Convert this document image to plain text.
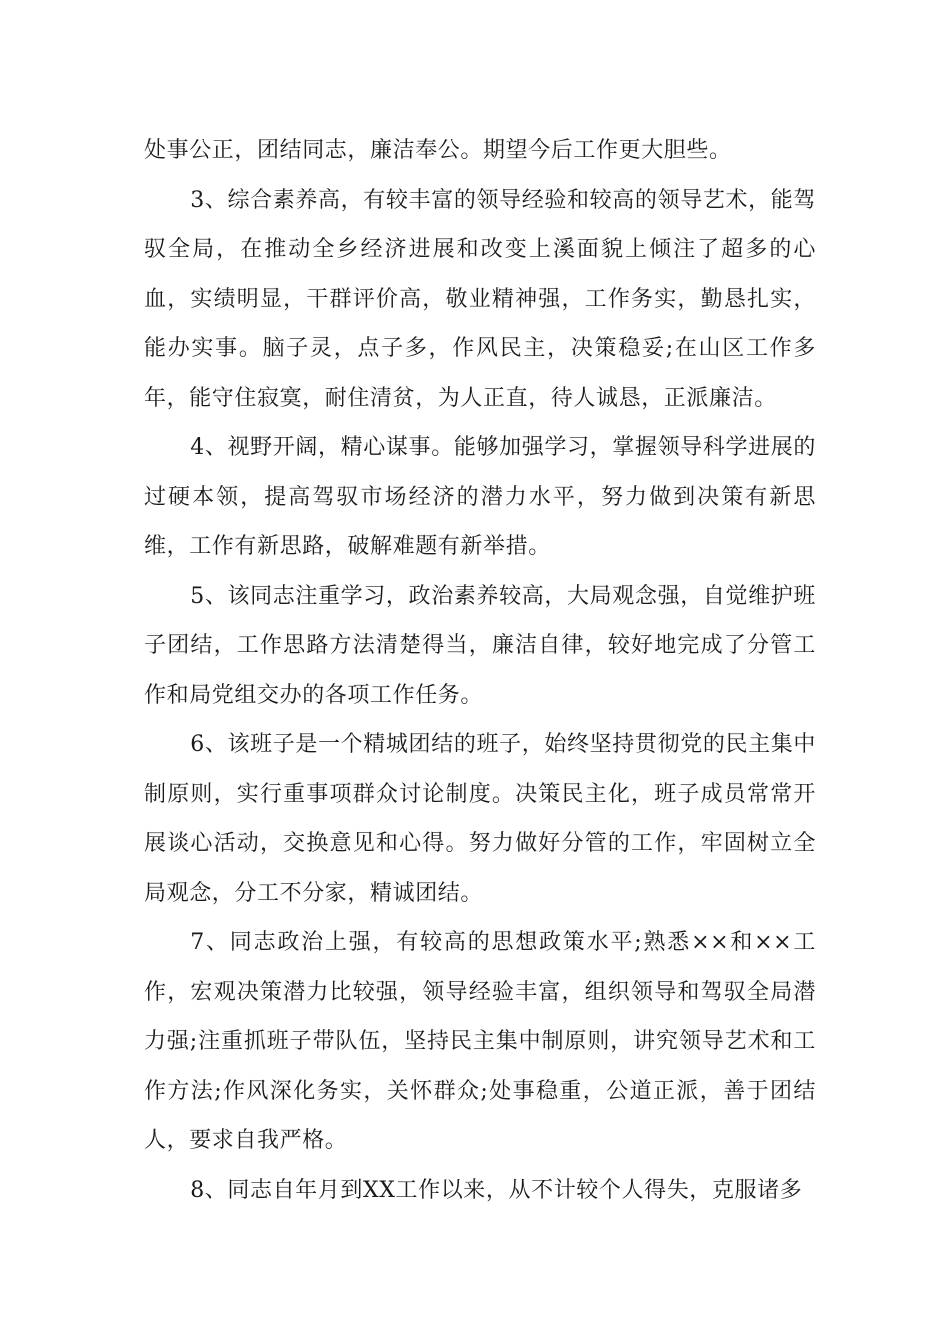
处事公正，团结同志，廉洁奉公。期望今后工作更大胆些。

3、综合素养高，有较丰富的领导经验和较高的领导艺术，能驾驭全局，在推动全乡经济进展和改变上溪面貌上倾注了超多的心血，实绩明显，干群评价高，敬业精神强，工作务实，勤恳扎实，能办实事。脑子灵，点子多，作风民主，决策稳妥;在山区工作多年，能守住寂寞，耐住清贫，为人正直，待人诚恳，正派廉洁。

4、视野开阔，精心谋事。能够加强学习，掌握领导科学进展的过硬本领，提高驾驭市场经济的潜力水平，努力做到决策有新思维，工作有新思路，破解难题有新举措。

5、该同志注重学习，政治素养较高，大局观念强，自觉维护班子团结，工作思路方法清楚得当，廉洁自律，较好地完成了分管工作和局党组交办的各项工作任务。

6、该班子是一个精城团结的班子，始终坚持贯彻党的民主集中制原则，实行重事项群众讨论制度。决策民主化，班子成员常常开展谈心活动，交换意见和心得。努力做好分管的工作，牢固树立全局观念，分工不分家，精诚团结。

7、同志政治上强，有较高的思想政策水平;熟悉××和××工作，宏观决策潜力比较强，领导经验丰富，组织领导和驾驭全局潜力强;注重抓班子带队伍，坚持民主集中制原则，讲究领导艺术和工作方法;作风深化务实，关怀群众;处事稳重，公道正派，善于团结人，要求自我严格。

8、同志自年月到XX工作以来，从不计较个人得失，克服诸多
